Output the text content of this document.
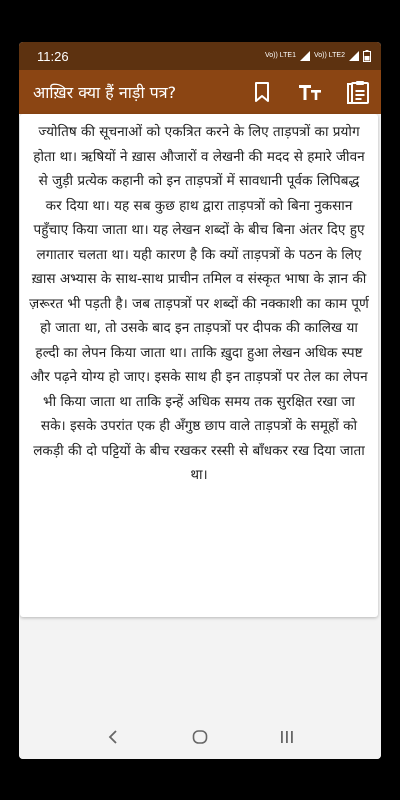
11:26	Vo)) LTE1	Vo)) LTE2
आख़िर क्या हैं नाड़ी पत्र?

ज्योतिष की सूचनाओं को एकत्रित करने के लिए ताड़पत्रों का प्रयोग होता था। ऋषियों ने ख़ास औजारों व लेखनी की मदद से हमारे जीवन से जुड़ी प्रत्येक कहानी को इन ताड़पत्रों में सावधानी पूर्वक लिपिबद्ध कर दिया था। यह सब कुछ हाथ द्वारा ताड़पत्रों को बिना नुकसान पहुँचाए किया जाता था। यह लेखन शब्दों के बीच बिना अंतर दिए हुए लगातार चलता था। यही कारण है कि क्यों ताड़पत्रों के पठन के लिए ख़ास अभ्यास के साथ-साथ प्राचीन तमिल व संस्कृत भाषा के ज्ञान की ज़रूरत भी पड़ती है। जब ताड़पत्रों पर शब्दों की नक्काशी का काम पूर्ण हो जाता था, तो उसके बाद इन ताड़पत्रों पर दीपक की कालिख या हल्दी का लेपन किया जाता था। ताकि ख़ुदा हुआ लेखन अधिक स्पष्ट और पढ़ने योग्य हो जाए। इसके साथ ही इन ताड़पत्रों पर तेल का लेपन भी किया जाता था ताकि इन्हें अधिक समय तक सुरक्षित रखा जा सके। इसके उपरांत एक ही अँगुष्ठ छाप वाले ताड़पत्रों के समूहों को लकड़ी की दो पट्टियों के बीच रखकर रस्सी से बाँधकर रख दिया जाता था।
